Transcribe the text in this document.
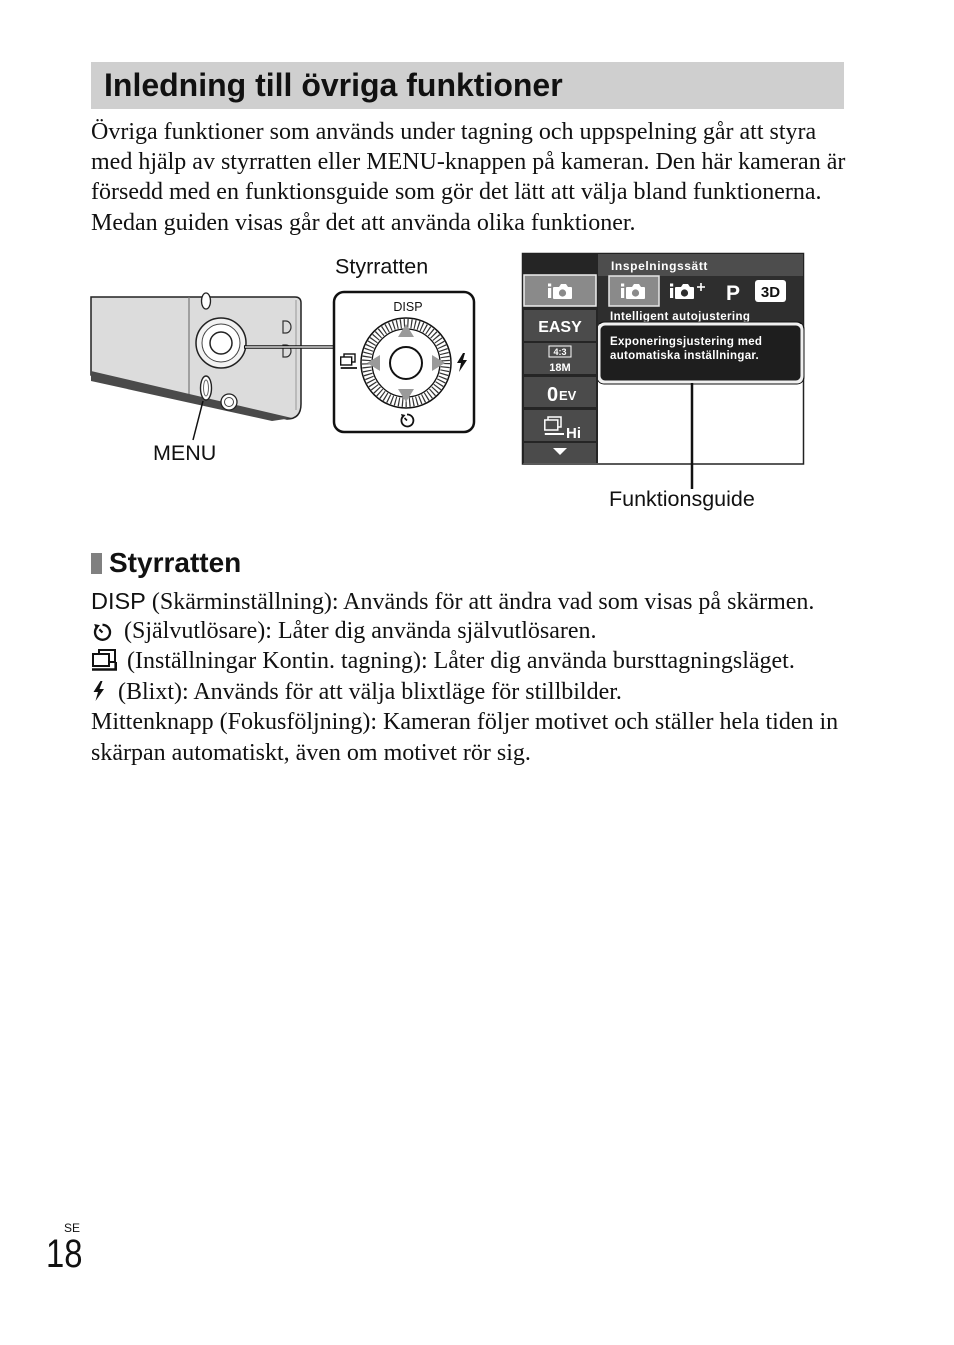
Inledning till övriga funktioner
Övriga funktioner som används under tagning och uppspelning går att styra
med hjälp av styrratten eller MENU-knappen på kameran. Den här kameran är
försedd med en funktionsguide som gör det lätt att välja bland funktionerna.
Medan guiden visas går det att använda olika funktioner.
Styrratten
MENU
DISP
Inspelningssätt
P 3D
Intelligent autojustering
Exponeringsjustering med
automatiska inställningar.
EASY
4:3
18M
0 EV
Hi
Funktionsguide
Styrratten
DISP (Skärminställning): Används för att ändra vad som visas på skärmen.
(Självutlösare): Låter dig använda självutlösaren.
(Inställningar Kontin. tagning): Låter dig använda bursttagningsläget.
(Blixt): Används för att välja blixtläge för stillbilder.
Mittenknapp (Fokusföljning): Kameran följer motivet och ställer hela tiden in
skärpan automatiskt, även om motivet rör sig.
SE
18
